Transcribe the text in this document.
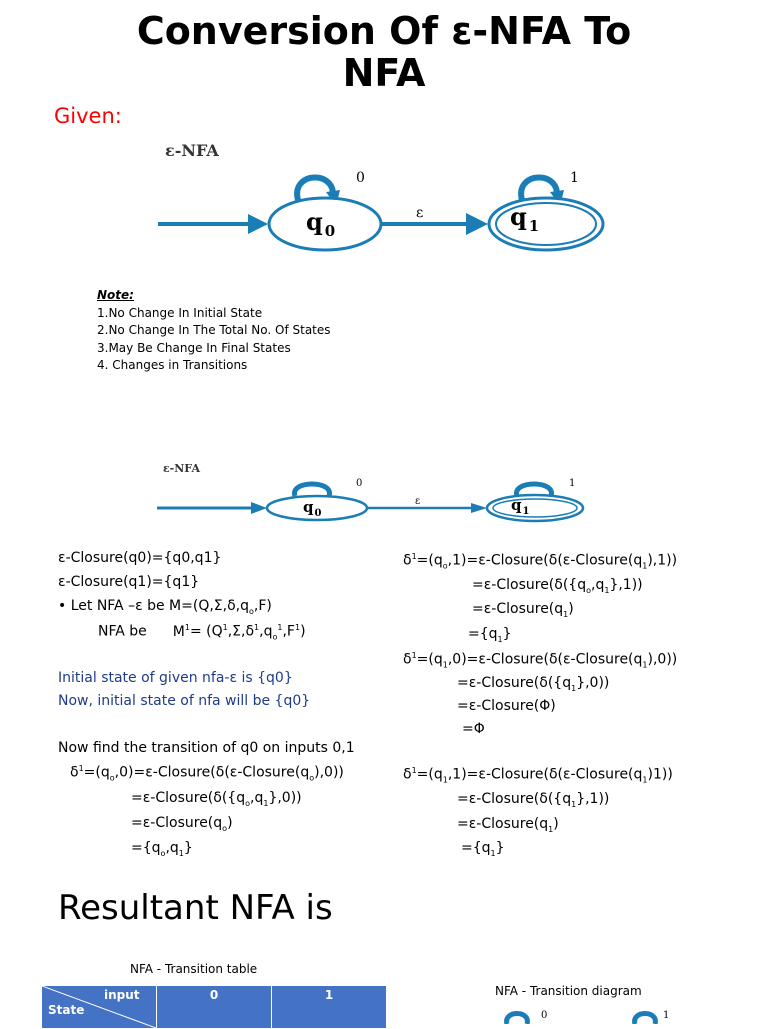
Conversion Of ε-NFA To
NFA
Given:
ε-NFA
0
q $_0$
ε
1
q $_1$
Note:
1.No Change In Initial State
2.No Change In The Total No. Of States
3.May Be Change In Final States
4. Changes in Transitions
ε-NFA
0
$q_0$
ε
1
$q_1$
ε-Closure(q0)={q0,q1}
ε-Closure(q1)={q1}
• Let NFA –ε be $M=(Q,\Sigma,\delta,q_o,F)$
NFA be $M^1= (Q^1,\Sigma,\delta^1,q_o^1,F^1)$
Initial state of given nfa-ε is {q0}
Now, initial state of nfa will be {q0}
Now find the transition of q0 on inputs 0,1
$\delta^1=(q_o,0)=\varepsilon-Closure(\delta(\varepsilon-Closure(q_o),0))$
$=\varepsilon-Closure(\delta(\{q_o,q_1\},0))$
$=\varepsilon-Closure(q_o)$
$=\{q_o,q_1\}$
$\delta^1=(q_o,1)=\varepsilon-Closure(\delta(\varepsilon-Closure(q_1),1))$
$=\varepsilon-Closure(\delta(\{q_o,q_1\},1))$
$=\varepsilon-Closure(q_1)$
$=\{q_1\}$
$\delta^1=(q_1,0)=\varepsilon-Closure(\delta(\varepsilon-Closure(q_1),0))$
$=\varepsilon-Closure(\delta(\{q_1\},0))$
=ε-Closure(Φ)
=Φ
$\delta^1=(q_1,1)=\varepsilon-Closure(\delta(\varepsilon-Closure(q_1)1))$
$=\varepsilon-Closure(\delta(\{q_1\},1))$
$=\varepsilon-Closure(q_1)$
$=\{q_1\}$
Resultant NFA is
NFA - Transition table
input
State
	0	1	NFA - Transition diagram
0	1
